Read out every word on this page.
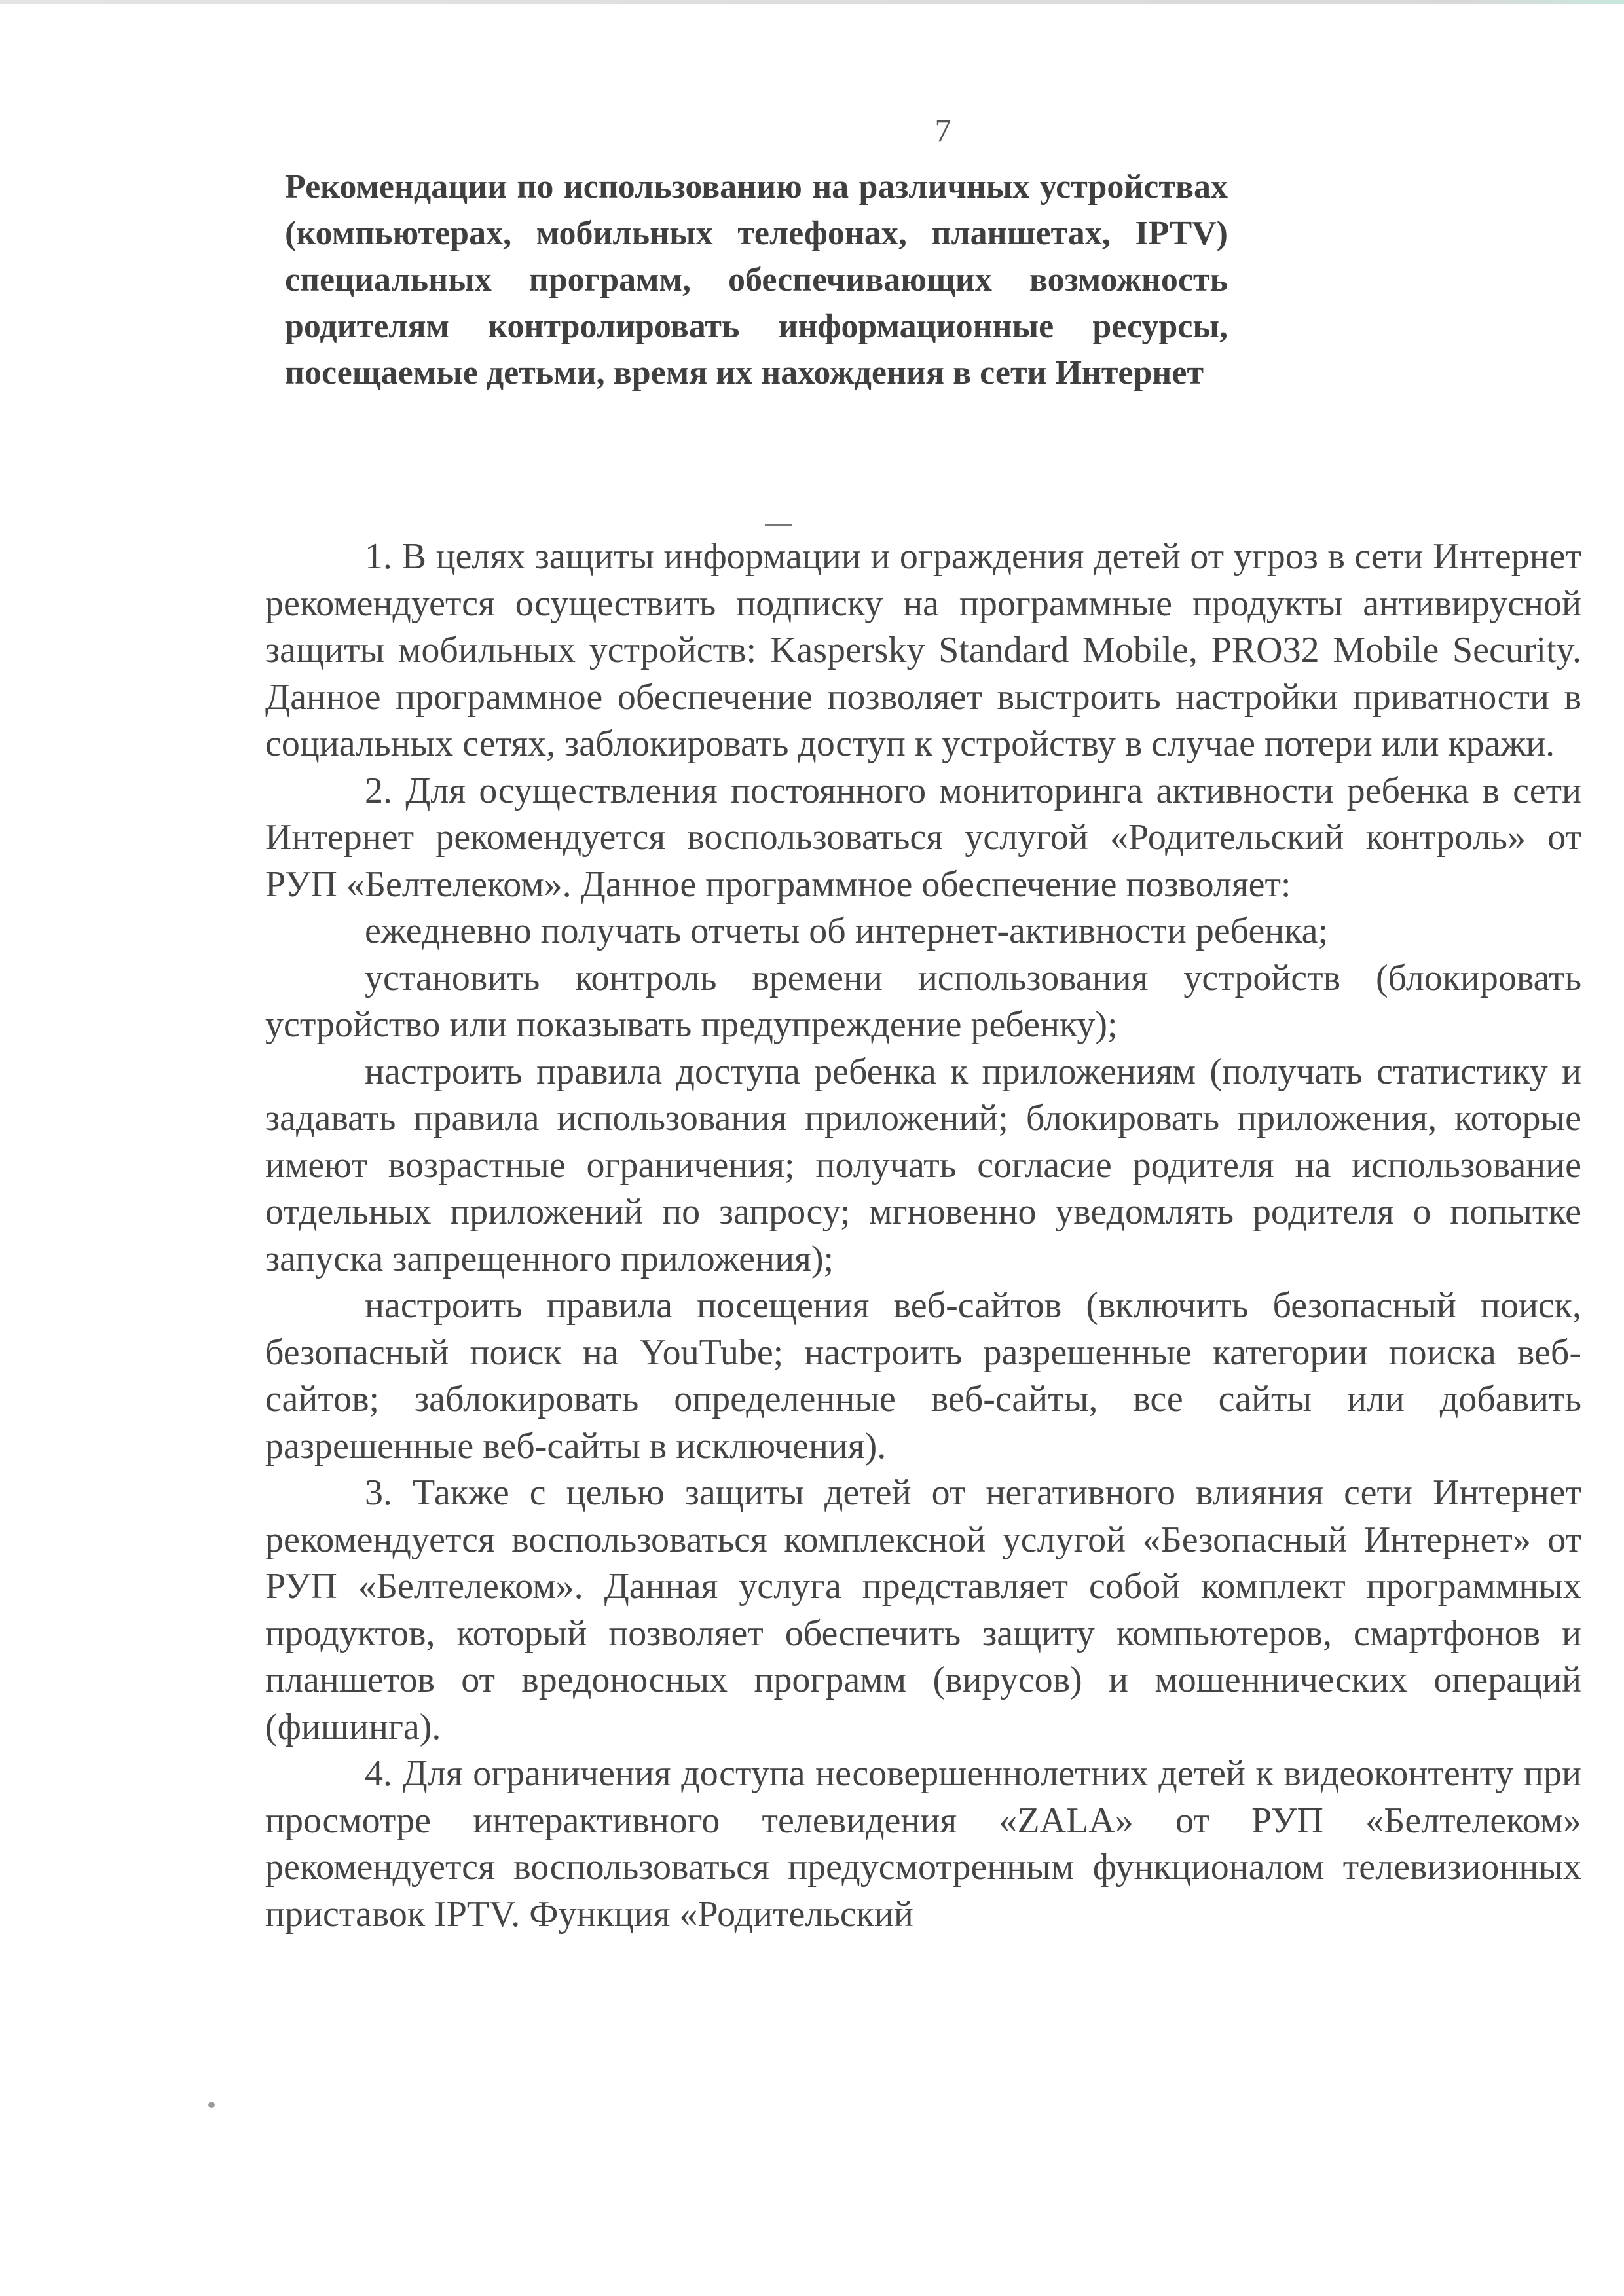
7
Рекомендации по использованию на различных устройствах (компьютерах, мобильных телефонах, планшетах, IPTV) специальных программ, обеспечивающих возможность родителям контролировать информационные ресурсы, посещаемые детьми, время их нахождения в сети Интернет

1. В целях защиты информации и ограждения детей от угроз в сети Интернет рекомендуется осуществить подписку на программные продукты антивирусной защиты мобильных устройств: Kaspersky Standard Mobile, PRO32 Mobile Security. Данное программное обеспечение позволяет выстроить настройки приватности в социальных сетях, заблокировать доступ к устройству в случае потери или кражи.

2. Для осуществления постоянного мониторинга активности ребенка в сети Интернет рекомендуется воспользоваться услугой «Родительский контроль» от РУП «Белтелеком». Данное программное обеспечение позволяет:

ежедневно получать отчеты об интернет-активности ребенка;

установить контроль времени использования устройств (блокировать устройство или показывать предупреждение ребенку);

настроить правила доступа ребенка к приложениям (получать статистику и задавать правила использования приложений; блокировать приложения, которые имеют возрастные ограничения; получать согласие родителя на использование отдельных приложений по запросу; мгновенно уведомлять родителя о попытке запуска запрещенного приложения);

настроить правила посещения веб-сайтов (включить безопасный поиск, безопасный поиск на YouTube; настроить разрешенные категории поиска веб-сайтов; заблокировать определенные веб-сайты, все сайты или добавить разрешенные веб-сайты в исключения).

3. Также с целью защиты детей от негативного влияния сети Интернет рекомендуется воспользоваться комплексной услугой «Безопасный Интернет» от РУП «Белтелеком». Данная услуга представляет собой комплект программных продуктов, который позволяет обеспечить защиту компьютеров, смартфонов и планшетов от вредоносных программ (вирусов) и мошеннических операций (фишинга).

4. Для ограничения доступа несовершеннолетних детей к видеоконтенту при просмотре интерактивного телевидения «ZALA» от РУП «Белтелеком» рекомендуется воспользоваться предусмотренным функционалом телевизионных приставок IPTV. Функция «Родительский
